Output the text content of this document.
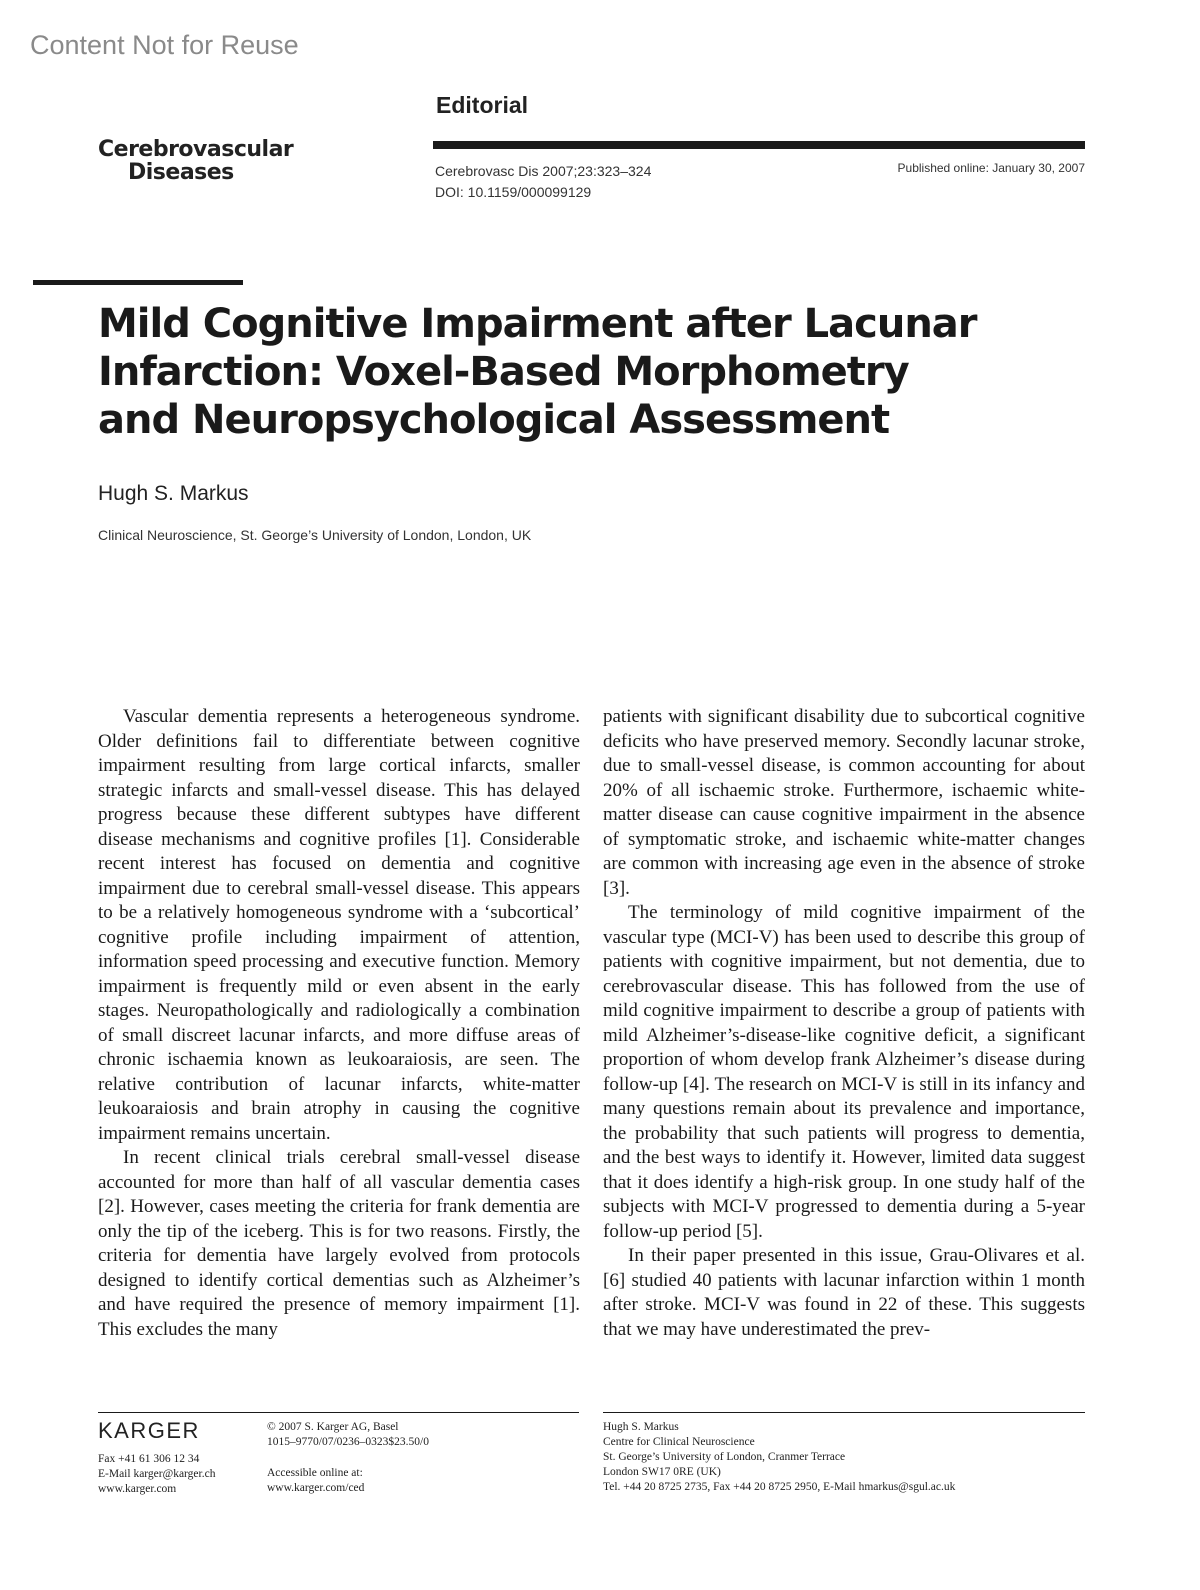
Content Not for Reuse
Editorial
Cerebrovascular
Diseases	Cerebrovasc Dis 2007;23:323–324
DOI: 10.1159/000099129
Published online: January 30, 2007
Mild Cognitive Impairment after Lacunar
Infarction: Voxel-Based Morphometry
and Neuropsychological Assessment
Hugh S. Markus
Clinical Neuroscience, St. George’s University of London, London, UK

Vascular dementia represents a heterogeneous syndrome. Older definitions fail to differentiate between cognitive impairment resulting from large cortical infarcts, smaller strategic infarcts and small-vessel disease. This has delayed progress because these different subtypes have different disease mechanisms and cognitive profiles [1]. Considerable recent interest has focused on dementia and cognitive impairment due to cerebral small-vessel disease. This appears to be a relatively homogeneous syndrome with a ‘subcortical’ cognitive profile including impairment of attention, information speed processing and executive function. Memory impairment is frequently mild or even absent in the early stages. Neuropathologically and radiologically a combination of small discreet lacunar infarcts, and more diffuse areas of chronic ischaemia known as leukoaraiosis, are seen. The relative contribution of lacunar infarcts, white-matter leukoaraiosis and brain atrophy in causing the cognitive impairment remains uncertain.

In recent clinical trials cerebral small-vessel disease accounted for more than half of all vascular dementia cases [2]. However, cases meeting the criteria for frank dementia are only the tip of the iceberg. This is for two reasons. Firstly, the criteria for dementia have largely evolved from protocols designed to identify cortical dementias such as Alzheimer’s and have required the presence of memory impairment [1]. This excludes the many

patients with significant disability due to subcortical cognitive deficits who have preserved memory. Secondly lacunar stroke, due to small-vessel disease, is common accounting for about 20% of all ischaemic stroke. Furthermore, ischaemic white-matter disease can cause cognitive impairment in the absence of symptomatic stroke, and ischaemic white-matter changes are common with increasing age even in the absence of stroke [3].

The terminology of mild cognitive impairment of the vascular type (MCI-V) has been used to describe this group of patients with cognitive impairment, but not dementia, due to cerebrovascular disease. This has followed from the use of mild cognitive impairment to describe a group of patients with mild Alzheimer’s-disease-like cognitive deficit, a significant proportion of whom develop frank Alzheimer’s disease during follow-up [4]. The research on MCI-V is still in its infancy and many questions remain about its prevalence and importance, the probability that such patients will progress to dementia, and the best ways to identify it. However, limited data suggest that it does identify a high-risk group. In one study half of the subjects with MCI-V progressed to dementia during a 5-year follow-up period [5].

In their paper presented in this issue, Grau-Olivares et al. [6] studied 40 patients with lacunar infarction within 1 month after stroke. MCI-V was found in 22 of these. This suggests that we may have underestimated the prev-

KARGER
Fax +41 61 306 12 34
E-Mail karger@karger.ch
www.karger.com
© 2007 S. Karger AG, Basel
1015–9770/07/0236–0323$23.50/0
Accessible online at:
www.karger.com/ced
Hugh S. Markus
Centre for Clinical Neuroscience
St. George’s University of London, Cranmer Terrace
London SW17 0RE (UK)
Tel. +44 20 8725 2735, Fax +44 20 8725 2950, E-Mail hmarkus@sgul.ac.uk
